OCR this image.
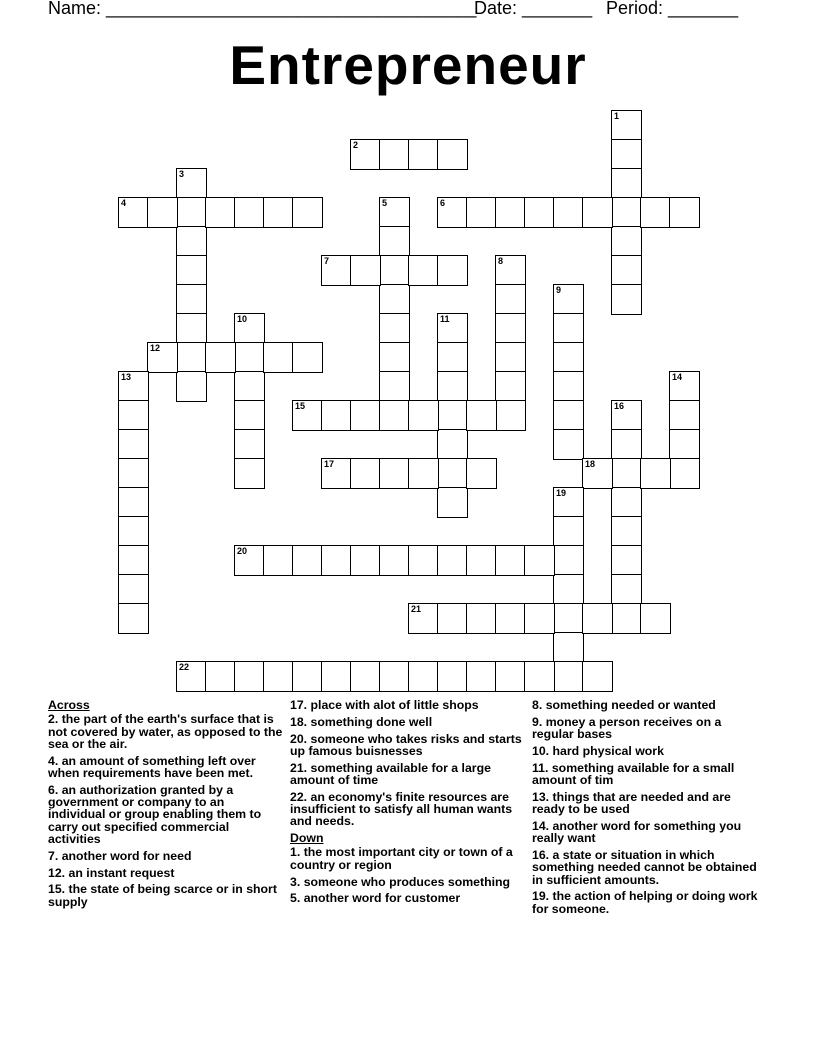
Name: _____________________________________
Date: _______ Period: _______
Entrepreneur
1
2
3
4	5	6
7	8
9
10	11
12
13	14
15	16
17	18
19
20
21
22
Across
2. the part of the earth's surface that is not covered by water, as opposed to the sea or the air.
4. an amount of something left over when requirements have been met.
6. an authorization granted by a government or company to an individual or group enabling them to carry out specified commercial activities
7. another word for need
12. an instant request
15. the state of being scarce or in short supply
17. place with alot of little shops
18. something done well
20. someone who takes risks and starts up famous buisnesses
21. something available for a large amount of time
22. an economy's finite resources are insufficient to satisfy all human wants and needs.
Down
1. the most important city or town of a country or region
3. someone who produces something
5. another word for customer
8. something needed or wanted
9. money a person receives on a regular bases
10. hard physical work
11. something available for a small amount of tim
13. things that are needed and are ready to be used
14. another word for something you really want
16. a state or situation in which something needed cannot be obtained in sufficient amounts.
19. the action of helping or doing work for someone.
